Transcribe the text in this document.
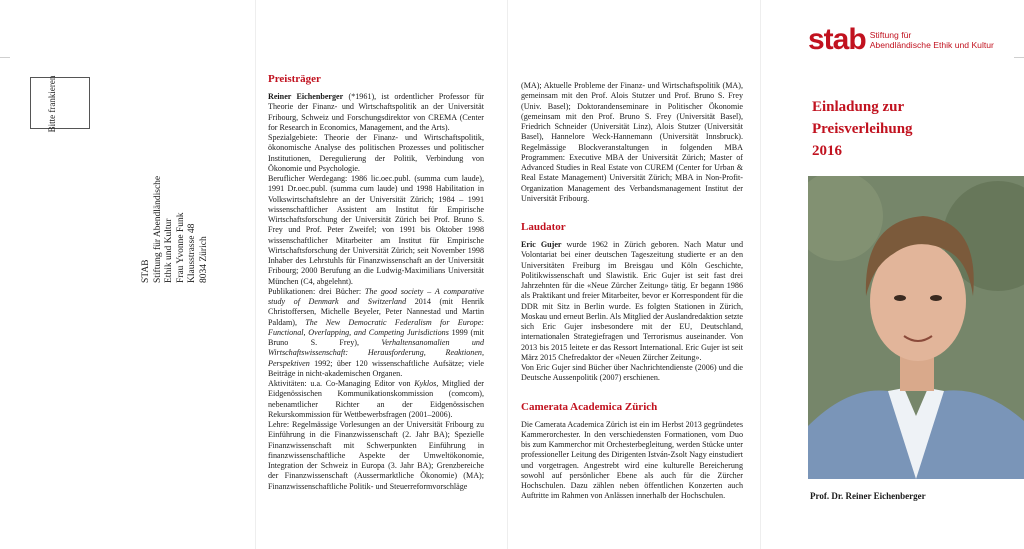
Bitte frankieren
STAB Stiftung für Abendländische Ethik und Kultur Frau Yvonne Funk Klausstrasse 48 8034 Zürich
Preisträger

Reiner Eichenberger (*1961), ist ordentlicher Professor für Theorie der Finanz- und Wirtschaftspolitik an der Universität Fribourg, Schweiz und Forschungsdirektor von CREMA (Center for Research in Economics, Management, and the Arts).

Spezialgebiete: Theorie der Finanz- und Wirtschaftspolitik, ökonomische Analyse des politischen Prozesses und politischer Institutionen, Deregulierung der Politik, Verbindung von Ökonomie und Psychologie.

Beruflicher Werdegang: 1986 lic.oec.publ. (summa cum laude), 1991 Dr.oec.publ. (summa cum laude) und 1998 Habilitation in Volkswirtschaftslehre an der Universität Zürich; 1984 – 1991 wissenschaftlicher Assistent am Institut für Empirische Wirtschaftsforschung der Universität Zürich bei Prof. Bruno S. Frey und Prof. Peter Zweifel; von 1991 bis Oktober 1998 wissenschaftlicher Mitarbeiter am Institut für Empirische Wirtschaftsforschung der Universität Zürich; seit November 1998 Inhaber des Lehrstuhls für Finanzwissenschaft an der Universität Fribourg; 2000 Berufung an die Ludwig-Maximilians Universität München (C4, abgelehnt).

Publikationen: drei Bücher: The good society – A comparative study of Denmark and Switzerland 2014 (mit Henrik Christoffersen, Michelle Beyeler, Peter Nannestad und Martin Paldam), The New Democratic Federalism for Europe: Functional, Overlapping, and Competing Jurisdictions 1999 (mit Bruno S. Frey), Verhaltensanomalien und Wirtschaftswissenschaft: Herausforderung, Reaktionen, Perspektiven 1992; über 120 wissenschaftliche Aufsätze; viele Beiträge in nicht-akademischen Organen.

Aktivitäten: u.a. Co-Managing Editor von Kyklos, Mitglied der Eidgenössischen Kommunikationskommission (comcom), nebenamtlicher Richter an der Eidgenössischen Rekurskommission für Wettbewerbsfragen (2001–2006).

Lehre: Regelmässige Vorlesungen an der Universität Fribourg zu Einführung in die Finanzwissenschaft (2. Jahr BA); Spezielle Finanzwissenschaft mit Schwerpunkten Einführung in finanzwissenschaftliche Aspekte der Umweltökonomie, Integration der Schweiz in Europa (3. Jahr BA); Grenzbereiche der Finanzwissenschaft (Aussermarktliche Ökonomie) (MA); Finanzwissenschaftliche Politik- und Steuerreformvorschläge

(MA); Aktuelle Probleme der Finanz- und Wirtschaftspolitik (MA), gemeinsam mit den Prof. Alois Stutzer und Prof. Bruno S. Frey (Univ. Basel); Doktorandenseminare in Politischer Ökonomie (gemeinsam mit den Prof. Bruno S. Frey (Universität Basel), Friedrich Schneider (Universität Linz), Alois Stutzer (Universität Basel), Hannelore Weck-Hannemann (Universität Innsbruck). Regelmässige Blockveranstaltungen in folgenden MBA Programmen: Executive MBA der Universität Zürich; Master of Advanced Studies in Real Estate von CUREM (Center for Urban & Real Estate Management) Universität Zürich; MBA in Non-Profit-Organization Management des Verbandsmanagement Institut der Universität Fribourg.

Laudator

Eric Gujer wurde 1962 in Zürich geboren. Nach Matur und Volontariat bei einer deutschen Tageszeitung studierte er an den Universitäten Freiburg im Breisgau und Köln Geschichte, Politikwissenschaft und Slawistik. Eric Gujer ist seit fast drei Jahrzehnten für die «Neue Zürcher Zeitung» tätig. Er begann 1986 als Praktikant und freier Mitarbeiter, bevor er Korrespondent für die DDR mit Sitz in Berlin wurde. Es folgten Stationen in Zürich, Moskau und erneut Berlin. Als Mitglied der Auslandredaktion setzte sich Eric Gujer insbesondere mit der EU, Deutschland, internationalen Strategiefragen und Terrorismus auseinander. Von 2013 bis 2015 leitete er das Ressort International. Eric Gujer ist seit März 2015 Chefredaktor der «Neuen Zürcher Zeitung».

Von Eric Gujer sind Bücher über Nachrichtendienste (2006) und die Deutsche Aussenpolitik (2007) erschienen.

Camerata Academica Zürich

Die Camerata Academica Zürich ist ein im Herbst 2013 gegründetes Kammerorchester. In den verschiedensten Formationen, vom Duo bis zum Kammerchor mit Orchesterbegleitung, werden Stücke unter professioneller Leitung des Dirigenten István-Zsolt Nagy einstudiert und vorgetragen. Angestrebt wird eine kulturelle Bereicherung sowohl auf persönlicher Ebene als auch für die Zürcher Hochschulen. Dazu zählen neben öffentlichen Konzerten auch Auftritte im Rahmen von Anlässen innerhalb der Hochschulen.

stab Stiftung für
Abendländische Ethik und Kultur
Einladung zur
Preisverleihung
2016
Prof. Dr. Reiner Eichenberger
